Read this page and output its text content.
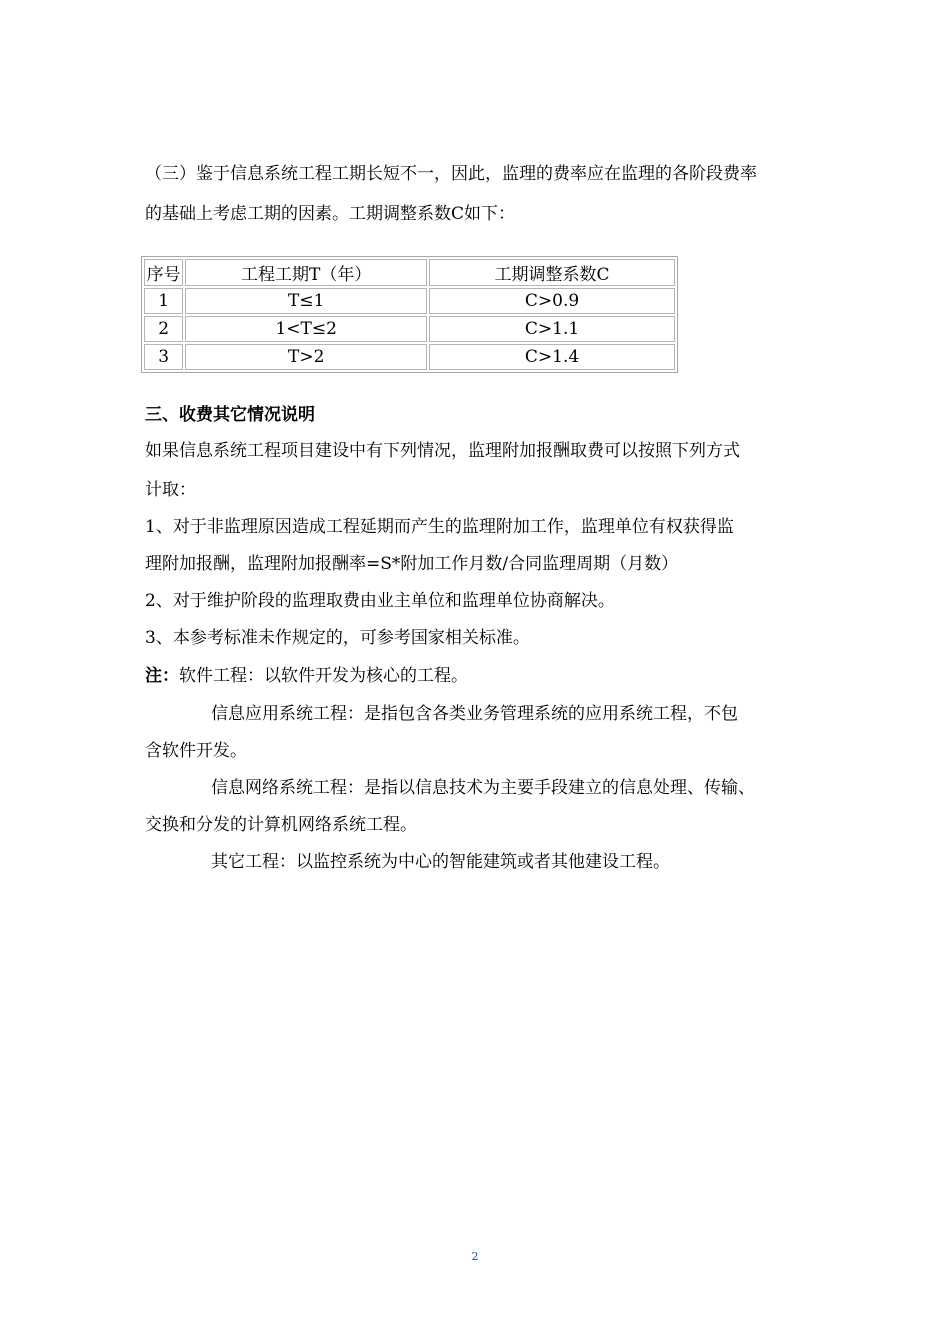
（三）鉴于信息系统工程工期长短不一，因此，监理的费率应在监理的各阶段费率
的基础上考虑工期的因素。工期调整系数C如下：
序号	工程工期T（年）	工期调整系数C
1	T≤1	C>0.9
2	1<T≤2	C>1.1
3	T>2	C>1.4
三、收费其它情况说明
如果信息系统工程项目建设中有下列情况，监理附加报酬取费可以按照下列方式
计取：
1、对于非监理原因造成工程延期而产生的监理附加工作，监理单位有权获得监
理附加报酬，监理附加报酬率=S*附加工作月数/合同监理周期（月数）
2、对于维护阶段的监理取费由业主单位和监理单位协商解决。
3、本参考标准未作规定的，可参考国家相关标准。
注：软件工程：以软件开发为核心的工程。
信息应用系统工程：是指包含各类业务管理系统的应用系统工程，不包
含软件开发。
信息网络系统工程：是指以信息技术为主要手段建立的信息处理、传输、
交换和分发的计算机网络系统工程。
其它工程：以监控系统为中心的智能建筑或者其他建设工程。
2
